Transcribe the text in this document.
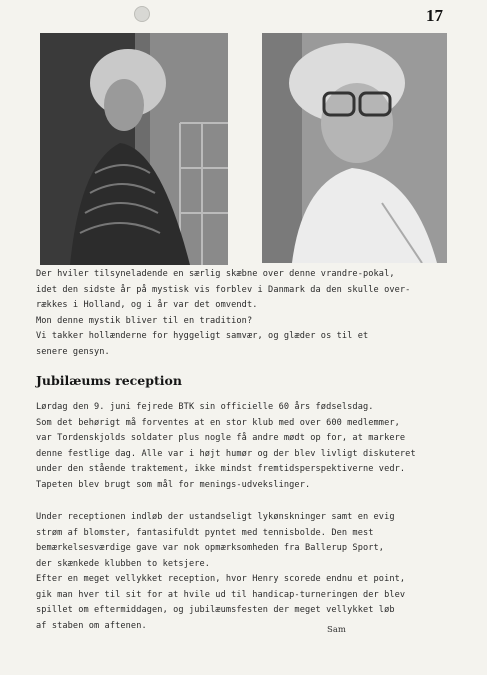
17
Der hviler tilsyneladende en særlig skæbne over denne vrandre-pokal,
idet den sidste år på mystisk vis forblev i Danmark da den skulle over-
rækkes i Holland, og i år var det omvendt.
Mon denne mystik bliver til en tradition?
Vi takker hollænderne for hyggeligt samvær, og glæder os til et
senere gensyn.
Jubilæums reception
Lørdag den 9. juni fejrede BTK sin officielle 60 års fødselsdag.
Som det behørigt må forventes at en stor klub med over 600 medlemmer,
var Tordenskjolds soldater plus nogle få andre mødt op for, at markere
denne festlige dag. Alle var i højt humør og der blev livligt diskuteret
under den stående traktement, ikke mindst fremtidsperspektiverne vedr.
Tapeten blev brugt som mål for menings-udvekslinger.
Under receptionen indløb der ustandseligt lykønskninger samt en evig
strøm af blomster, fantasifuldt pyntet med tennisbolde. Den mest
bemærkelsesværdige gave var nok opmærksomheden fra Ballerup Sport,
der skænkede klubben to ketsjere.
Efter en meget vellykket reception, hvor Henry scorede endnu et point,
gik man hver til sit for at hvile ud til handicap-turneringen der blev
spillet om eftermiddagen, og jubilæumsfesten der meget vellykket løb
af staben om aftenen.	Sam
